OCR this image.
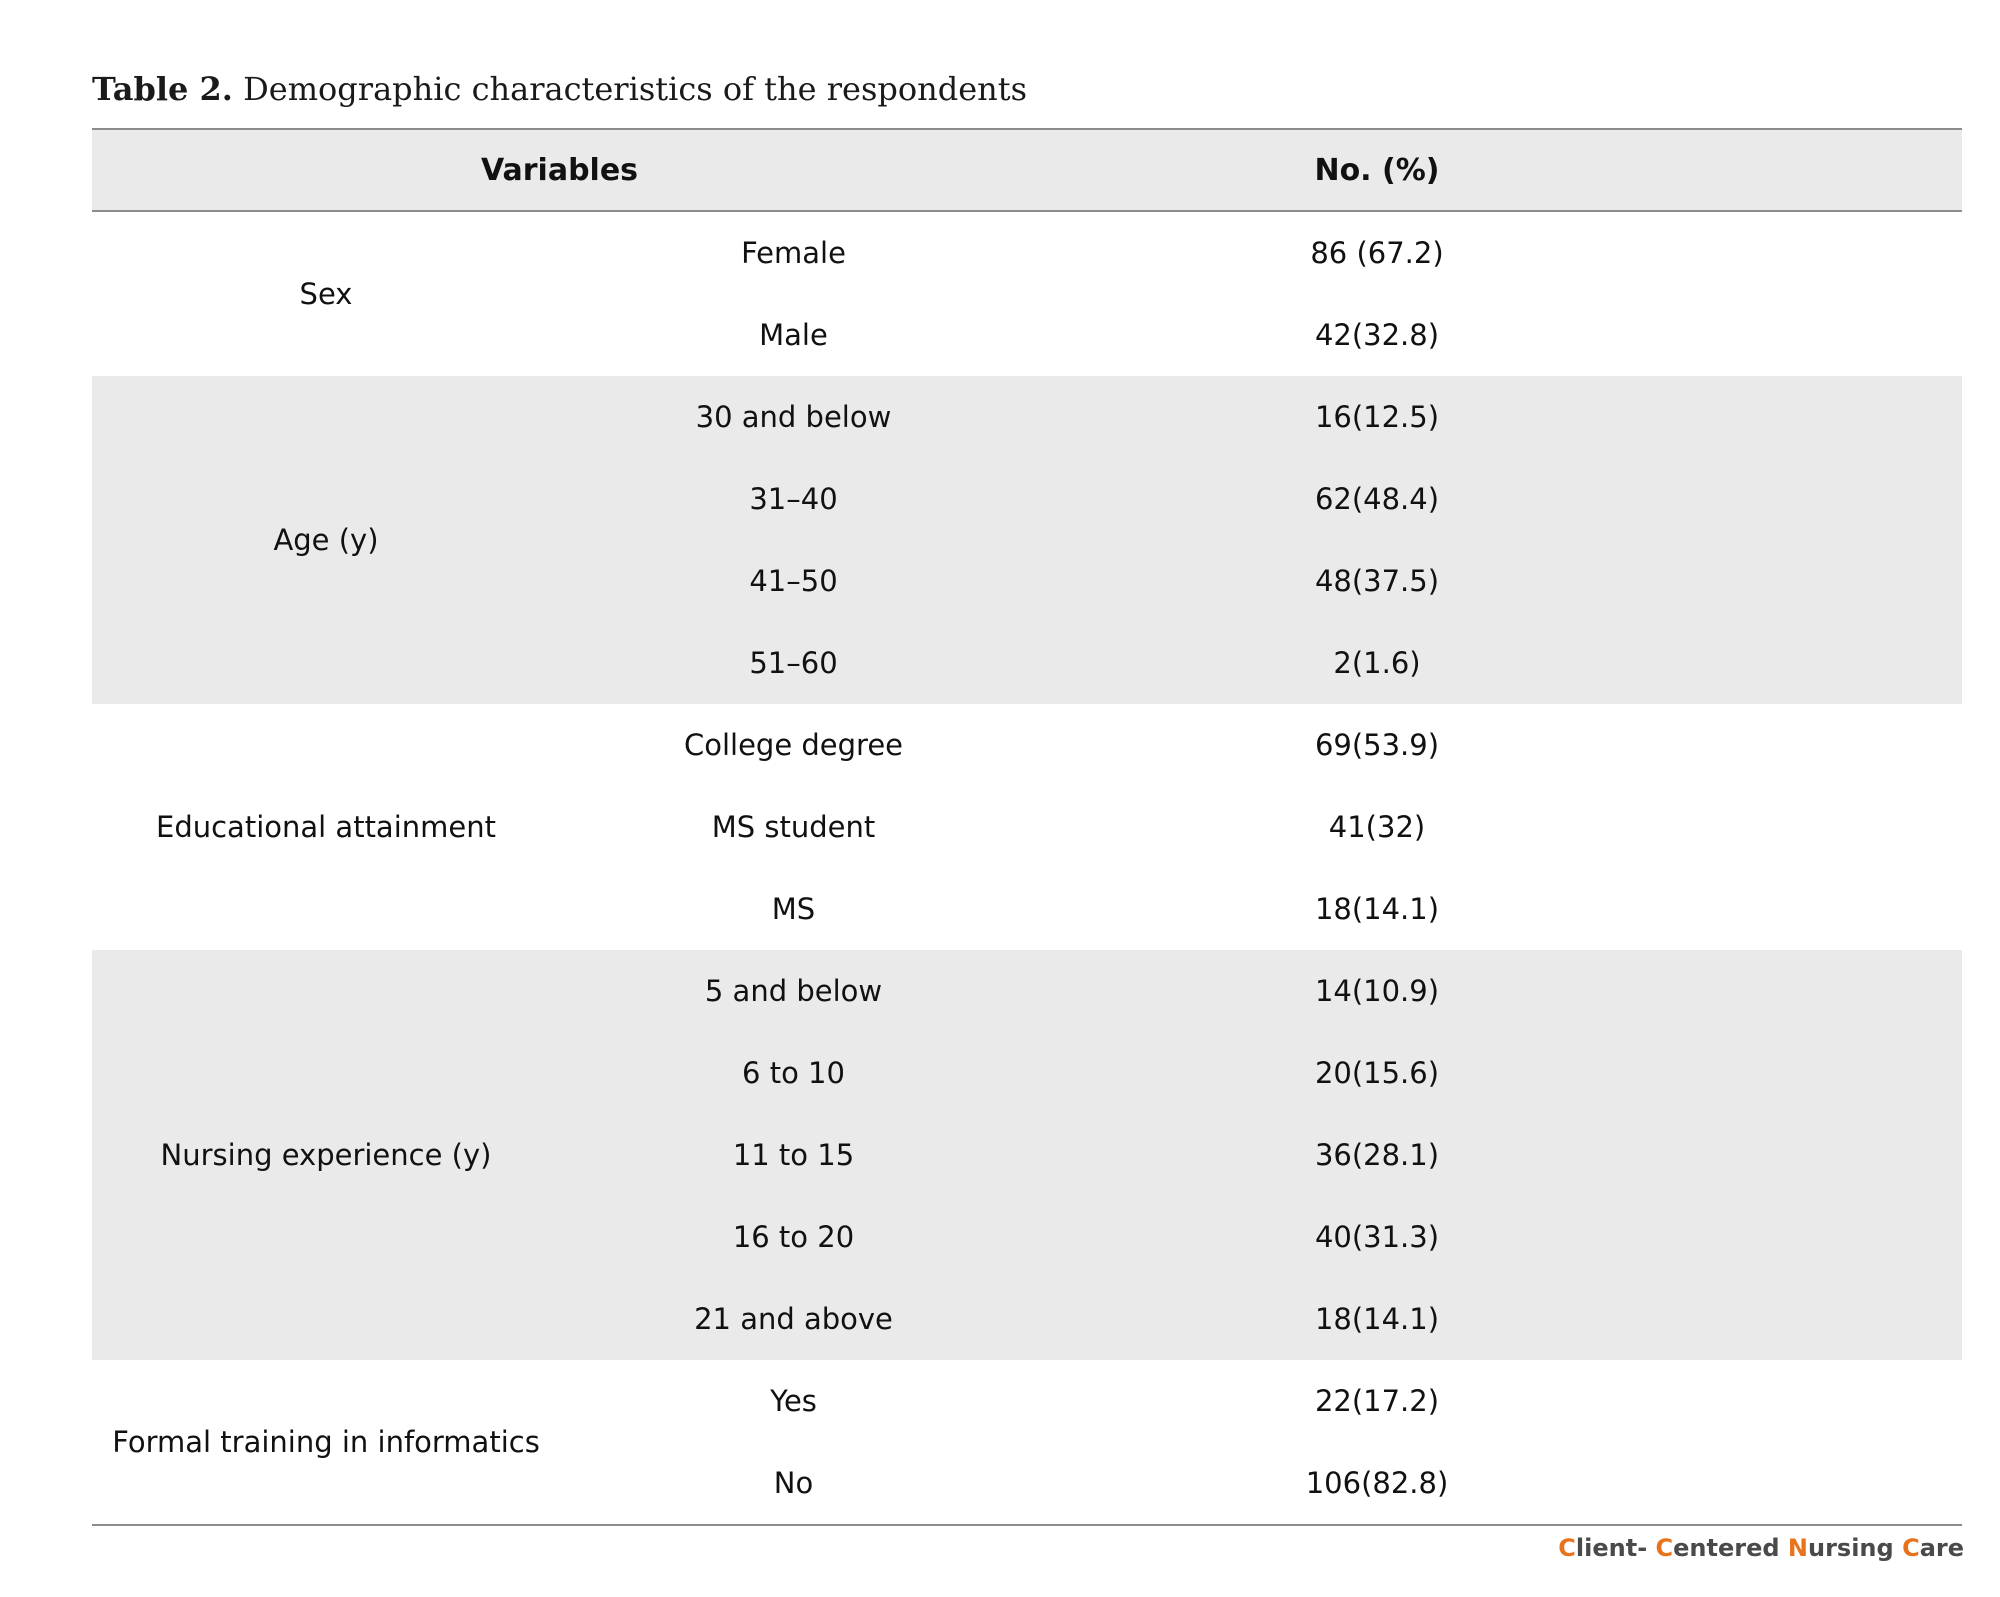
Table 2. Demographic characteristics of the respondents
Variables	No. (%)
Sex
Female	86 (67.2)
Male	42(32.8)
Age (y)
30 and below	16(12.5)
31–40	62(48.4)
41–50	48(37.5)
51–60	2(1.6)
Educational attainment
College degree	69(53.9)
MS student	41(32)
MS	18(14.1)
Nursing experience (y)
5 and below	14(10.9)
6 to 10	20(15.6)
11 to 15	36(28.1)
16 to 20	40(31.3)
21 and above	18(14.1)
Formal training in informatics
Yes	22(17.2)
No	106(82.8)
Client- Centered Nursing Care
